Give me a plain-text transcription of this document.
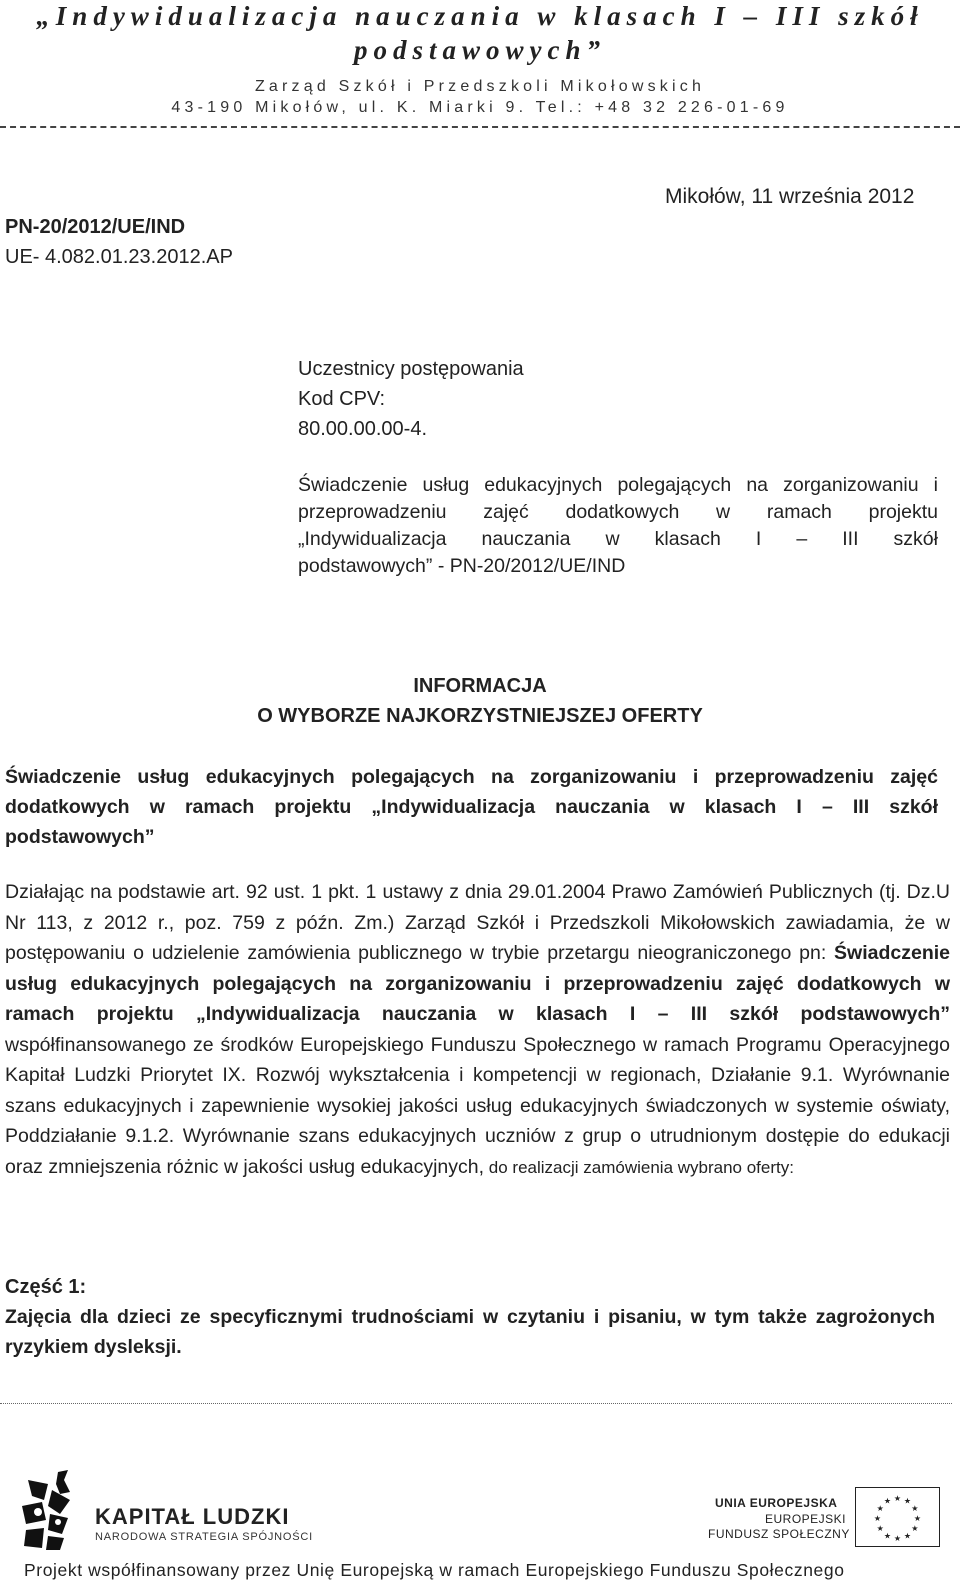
„Indywidualizacja nauczania w klasach I – III szkół
podstawowych”
Zarząd Szkół i Przedszkoli Mikołowskich
43-190 Mikołów, ul. K. Miarki 9. Tel.: +48 32 226-01-69
Mikołów, 11 września 2012
PN-20/2012/UE/IND
UE- 4.082.01.23.2012.AP
Uczestnicy postępowania
Kod CPV:
80.00.00.00-4.
Świadczenie usług edukacyjnych polegających na zorganizowaniu i
przeprowadzeniu zajęć dodatkowych w ramach projektu
„Indywidualizacja nauczania w klasach I – III szkół
podstawowych” - PN-20/2012/UE/IND
INFORMACJA
O WYBORZE NAJKORZYSTNIEJSZEJ OFERTY
Świadczenie usług edukacyjnych polegających na zorganizowaniu i przeprowadzeniu zajęć
dodatkowych w ramach projektu „Indywidualizacja nauczania w klasach I – III szkół
podstawowych”
Działając na podstawie art. 92 ust. 1 pkt. 1 ustawy z dnia 29.01.2004 Prawo Zamówień Publicznych (tj. Dz.U Nr 113, z 2012 r., poz. 759 z późn. Zm.) Zarząd Szkół i Przedszkoli Mikołowskich zawiadamia, że w postępowaniu o udzielenie zamówienia publicznego w trybie przetargu nieograniczonego pn: Świadczenie usług edukacyjnych polegających na zorganizowaniu i przeprowadzeniu zajęć dodatkowych w ramach projektu „Indywidualizacja nauczania w klasach I – III szkół podstawowych” współfinansowanego ze środków Europejskiego Funduszu Społecznego w ramach Programu Operacyjnego Kapitał Ludzki Priorytet IX. Rozwój wykształcenia i kompetencji w regionach, Działanie 9.1. Wyrównanie szans edukacyjnych i zapewnienie wysokiej jakości usług edukacyjnych świadczonych w systemie oświaty, Poddziałanie 9.1.2. Wyrównanie szans edukacyjnych uczniów z grup o utrudnionym dostępie do edukacji oraz zmniejszenia różnic w jakości usług edukacyjnych, do realizacji zamówienia wybrano oferty:
Część 1:
Zajęcia dla dzieci ze specyficznymi trudnościami w czytaniu i pisaniu, w tym także zagrożonych ryzykiem dysleksji.
KAPITAŁ LUDZKI
NARODOWA STRATEGIA SPÓJNOŚCI
UNIA EUROPEJSKA
EUROPEJSKI
FUNDUSZ SPOŁECZNY
★ ★
★
★
★
★
★
★
★
★
★
★
Projekt współfinansowany przez Unię Europejską w ramach Europejskiego Funduszu Społecznego
